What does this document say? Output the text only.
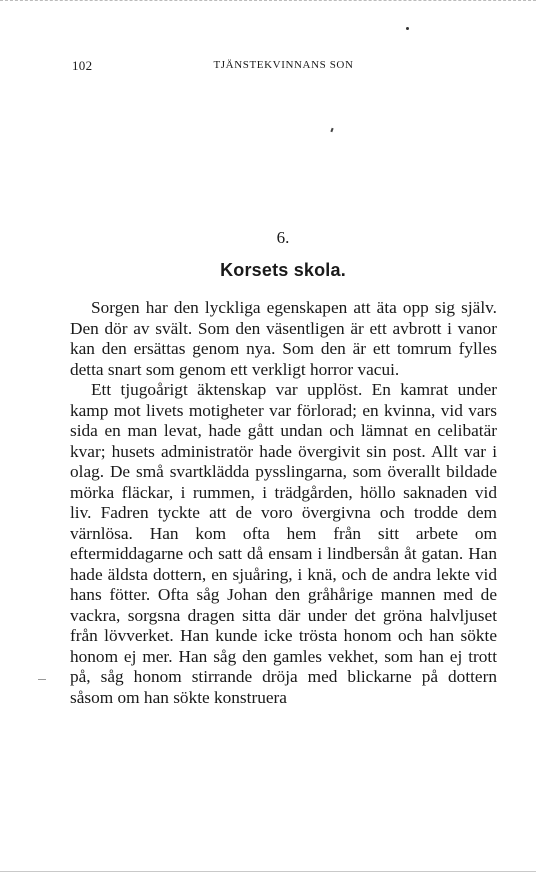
102	TJÄNSTEKVINNANS SON
6.
Korsets skola.

Sorgen har den lyckliga egenskapen att äta opp sig själv. Den dör av svält. Som den väsentligen är ett avbrott i vanor kan den ersättas genom nya. Som den är ett tomrum fylles detta snart som genom ett verkligt horror vacui.

Ett tjugoårigt äktenskap var upplöst. En kamrat under kamp mot livets motigheter var förlorad; en kvinna, vid vars sida en man levat, hade gått undan och lämnat en celibatär kvar; husets administratör hade övergivit sin post. Allt var i olag. De små svartklädda pysslingarna, som överallt bildade mörka fläckar, i rummen, i trädgården, höllo saknaden vid liv. Fadren tyckte att de voro övergivna och trodde dem värnlösa. Han kom ofta hem från sitt arbete om eftermiddagarne och satt då ensam i lindbersån åt gatan. Han hade äldsta dottern, en sjuåring, i knä, och de andra lekte vid hans fötter. Ofta såg Johan den gråhårige mannen med de vackra, sorgsna dragen sitta där under det gröna halvljuset från lövverket. Han kunde icke trösta honom och han sökte honom ej mer. Han såg den gamles vekhet, som han ej trott på, såg honom stirrande dröja med blickarne på dottern såsom om han sökte konstruera
